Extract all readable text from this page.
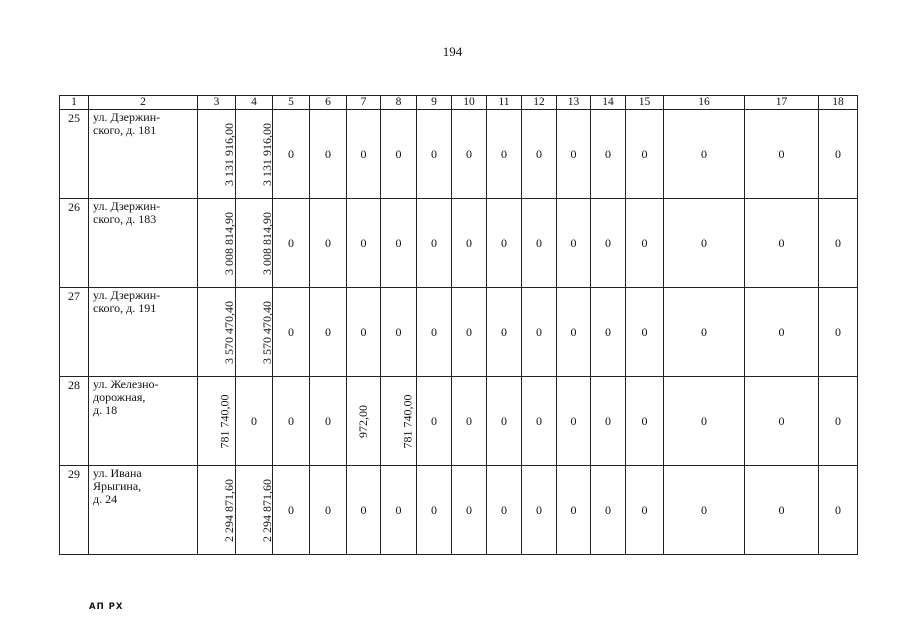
194
1	2	3	4	5	6	7	8	9	10	11	12	13	14	15	16	17	18
25	ул. Дзержин-
ского, д. 181	3 131 916,00	3 131 916,00	0	0	0	0	0	0	0	0	0	0	0	0	0	0
26	ул. Дзержин-
ского, д. 183	3 008 814,90	3 008 814,90	0	0	0	0	0	0	0	0	0	0	0	0	0	0
27	ул. Дзержин-
ского, д. 191	3 570 470,40	3 570 470,40	0	0	0	0	0	0	0	0	0	0	0	0	0	0
28	ул. Железно-
дорожная,
д. 18	781 740,00	0	0	0	972,00	781 740,00	0	0	0	0	0	0	0	0	0	0
29	ул. Ивана
Ярыгина,
д. 24	2 294 871,60	2 294 871,60	0	0	0	0	0	0	0	0	0	0	0	0	0	0
АП РХ
